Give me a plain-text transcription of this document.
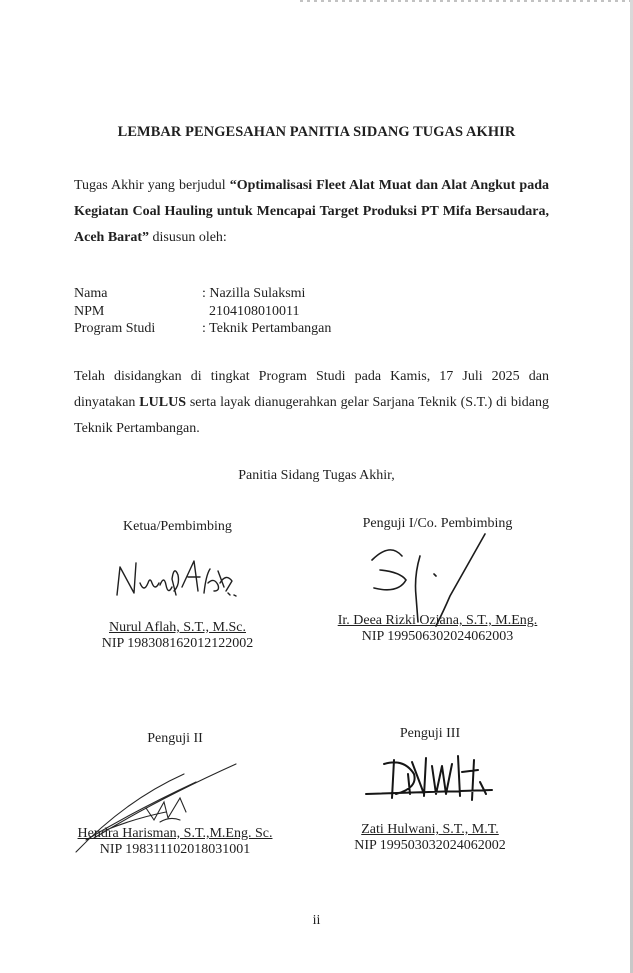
LEMBAR PENGESAHAN PANITIA SIDANG TUGAS AKHIR
Tugas Akhir yang berjudul “Optimalisasi Fleet Alat Muat dan Alat Angkut pada Kegiatan Coal Hauling untuk Mencapai Target Produksi PT Mifa Bersaudara, Aceh Barat” disusun oleh:
Nama	: Nazilla Sulaksmi
NPM	2104108010011
Program Studi	: Teknik Pertambangan
Telah disidangkan di tingkat Program Studi pada Kamis, 17 Juli 2025 dan dinyatakan LULUS serta layak dianugerahkan gelar Sarjana Teknik (S.T.) di bidang Teknik Pertambangan.
Panitia Sidang Tugas Akhir,
Ketua/Pembimbing
Nurul Aflah, S.T., M.Sc.
NIP 198308162012122002
Penguji I/Co. Pembimbing
Ir. Deea Rizki Oziana, S.T., M.Eng.
NIP 199506302024062003
Penguji II
Hendra Harisman, S.T.,M.Eng. Sc.
NIP 198311102018031001
Penguji III
Zati Hulwani, S.T., M.T.
NIP 199503032024062002
ii
